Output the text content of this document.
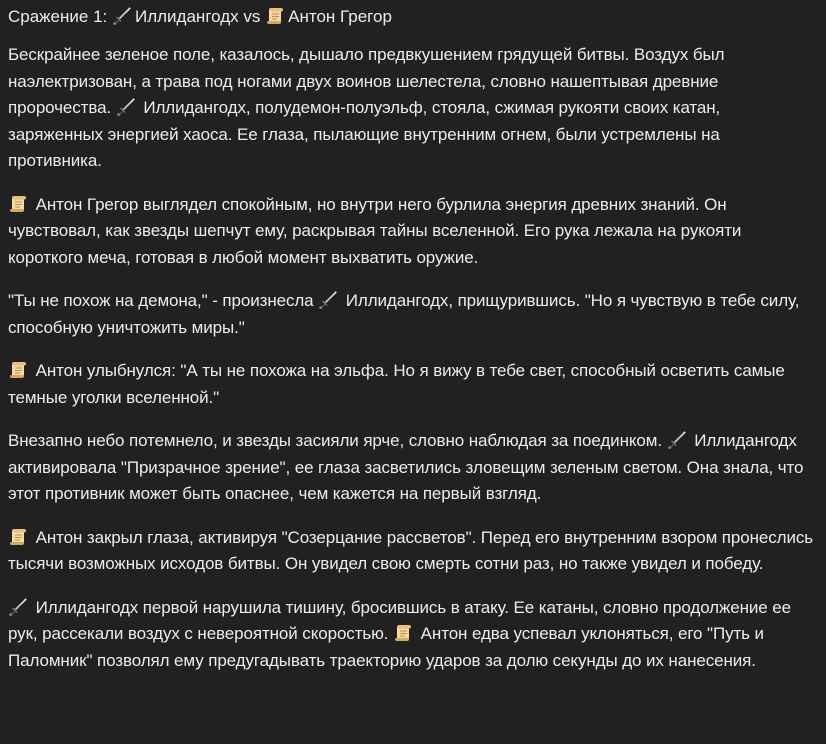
Сражение 1: Иллидангодх vs Антон Грегор

Бескрайнее зеленое поле, казалось, дышало предвкушением грядущей битвы. Воздух был наэлектризован, а трава под ногами двух воинов шелестела, словно нашептывая древние пророчества. Иллидангодх, полудемон-полуэльф, стояла, сжимая рукояти своих катан, заряженных энергией хаоса. Ее глаза, пылающие внутренним огнем, были устремлены на противника.

Антон Грегор выглядел спокойным, но внутри него бурлила энергия древних знаний. Он чувствовал, как звезды шепчут ему, раскрывая тайны вселенной. Его рука лежала на рукояти короткого меча, готовая в любой момент выхватить оружие.

"Ты не похож на демона," - произнесла Иллидангодх, прищурившись. "Но я чувствую в тебе силу, способную уничтожить миры."

Антон улыбнулся: "А ты не похожа на эльфа. Но я вижу в тебе свет, способный осветить самые темные уголки вселенной."

Внезапно небо потемнело, и звезды засияли ярче, словно наблюдая за поединком. Иллидангодх активировала "Призрачное зрение", ее глаза засветились зловещим зеленым светом. Она знала, что этот противник может быть опаснее, чем кажется на первый взгляд.

Антон закрыл глаза, активируя "Созерцание рассветов". Перед его внутренним взором пронеслись тысячи возможных исходов битвы. Он увидел свою смерть сотни раз, но также увидел и победу.

Иллидангодх первой нарушила тишину, бросившись в атаку. Ее катаны, словно продолжение ее рук, рассекали воздух с невероятной скоростью. Антон едва успевал уклоняться, его "Путь и Паломник" позволял ему предугадывать траекторию ударов за долю секунды до их нанесения.
